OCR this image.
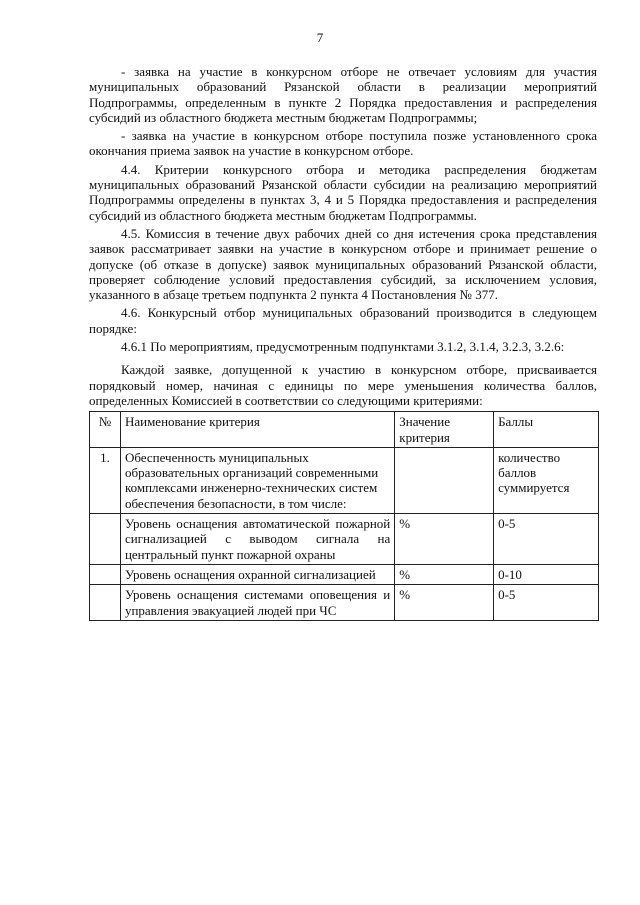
7

- заявка на участие в конкурсном отборе не отвечает условиям для участия муниципальных образований Рязанской области в реализации мероприятий Подпрограммы, определенным в пункте 2 Порядка предоставления и распределения субсидий из областного бюджета местным бюджетам Подпрограммы;

- заявка на участие в конкурсном отборе поступила позже установленного срока окончания приема заявок на участие в конкурсном отборе.

4.4. Критерии конкурсного отбора и методика распределения бюджетам муниципальных образований Рязанской области субсидии на реализацию мероприятий Подпрограммы определены в пунктах 3, 4 и 5 Порядка предоставления и распределения субсидий из областного бюджета местным бюджетам Подпрограммы.

4.5. Комиссия в течение двух рабочих дней со дня истечения срока представления заявок рассматривает заявки на участие в конкурсном отборе и принимает решение о допуске (об отказе в допуске) заявок муниципальных образований Рязанской области, проверяет соблюдение условий предоставления субсидий, за исключением условия, указанного в абзаце третьем подпункта 2 пункта 4 Постановления № 377.

4.6. Конкурсный отбор муниципальных образований производится в следующем порядке:

4.6.1 По мероприятиям, предусмотренным подпунктами 3.1.2, 3.1.4, 3.2.3, 3.2.6:

Каждой заявке, допущенной к участию в конкурсном отборе, присваивается порядковый номер, начиная с единицы по мере уменьшения количества баллов, определенных Комиссией в соответствии со следующими критериями:

№	Наименование критерия	Значение критерия	Баллы
1.	Обеспеченность муниципальных образовательных организаций современными комплексами инженерно-технических систем обеспечения безопасности, в том числе:		количество баллов суммируется
	Уровень оснащения автоматической пожарной сигнализацией с выводом сигнала на центральный пункт пожарной охраны	%	0-5
	Уровень оснащения охранной сигнализацией	%	0-10
	Уровень оснащения системами оповещения и управления эвакуацией людей при ЧС	%	0-5
